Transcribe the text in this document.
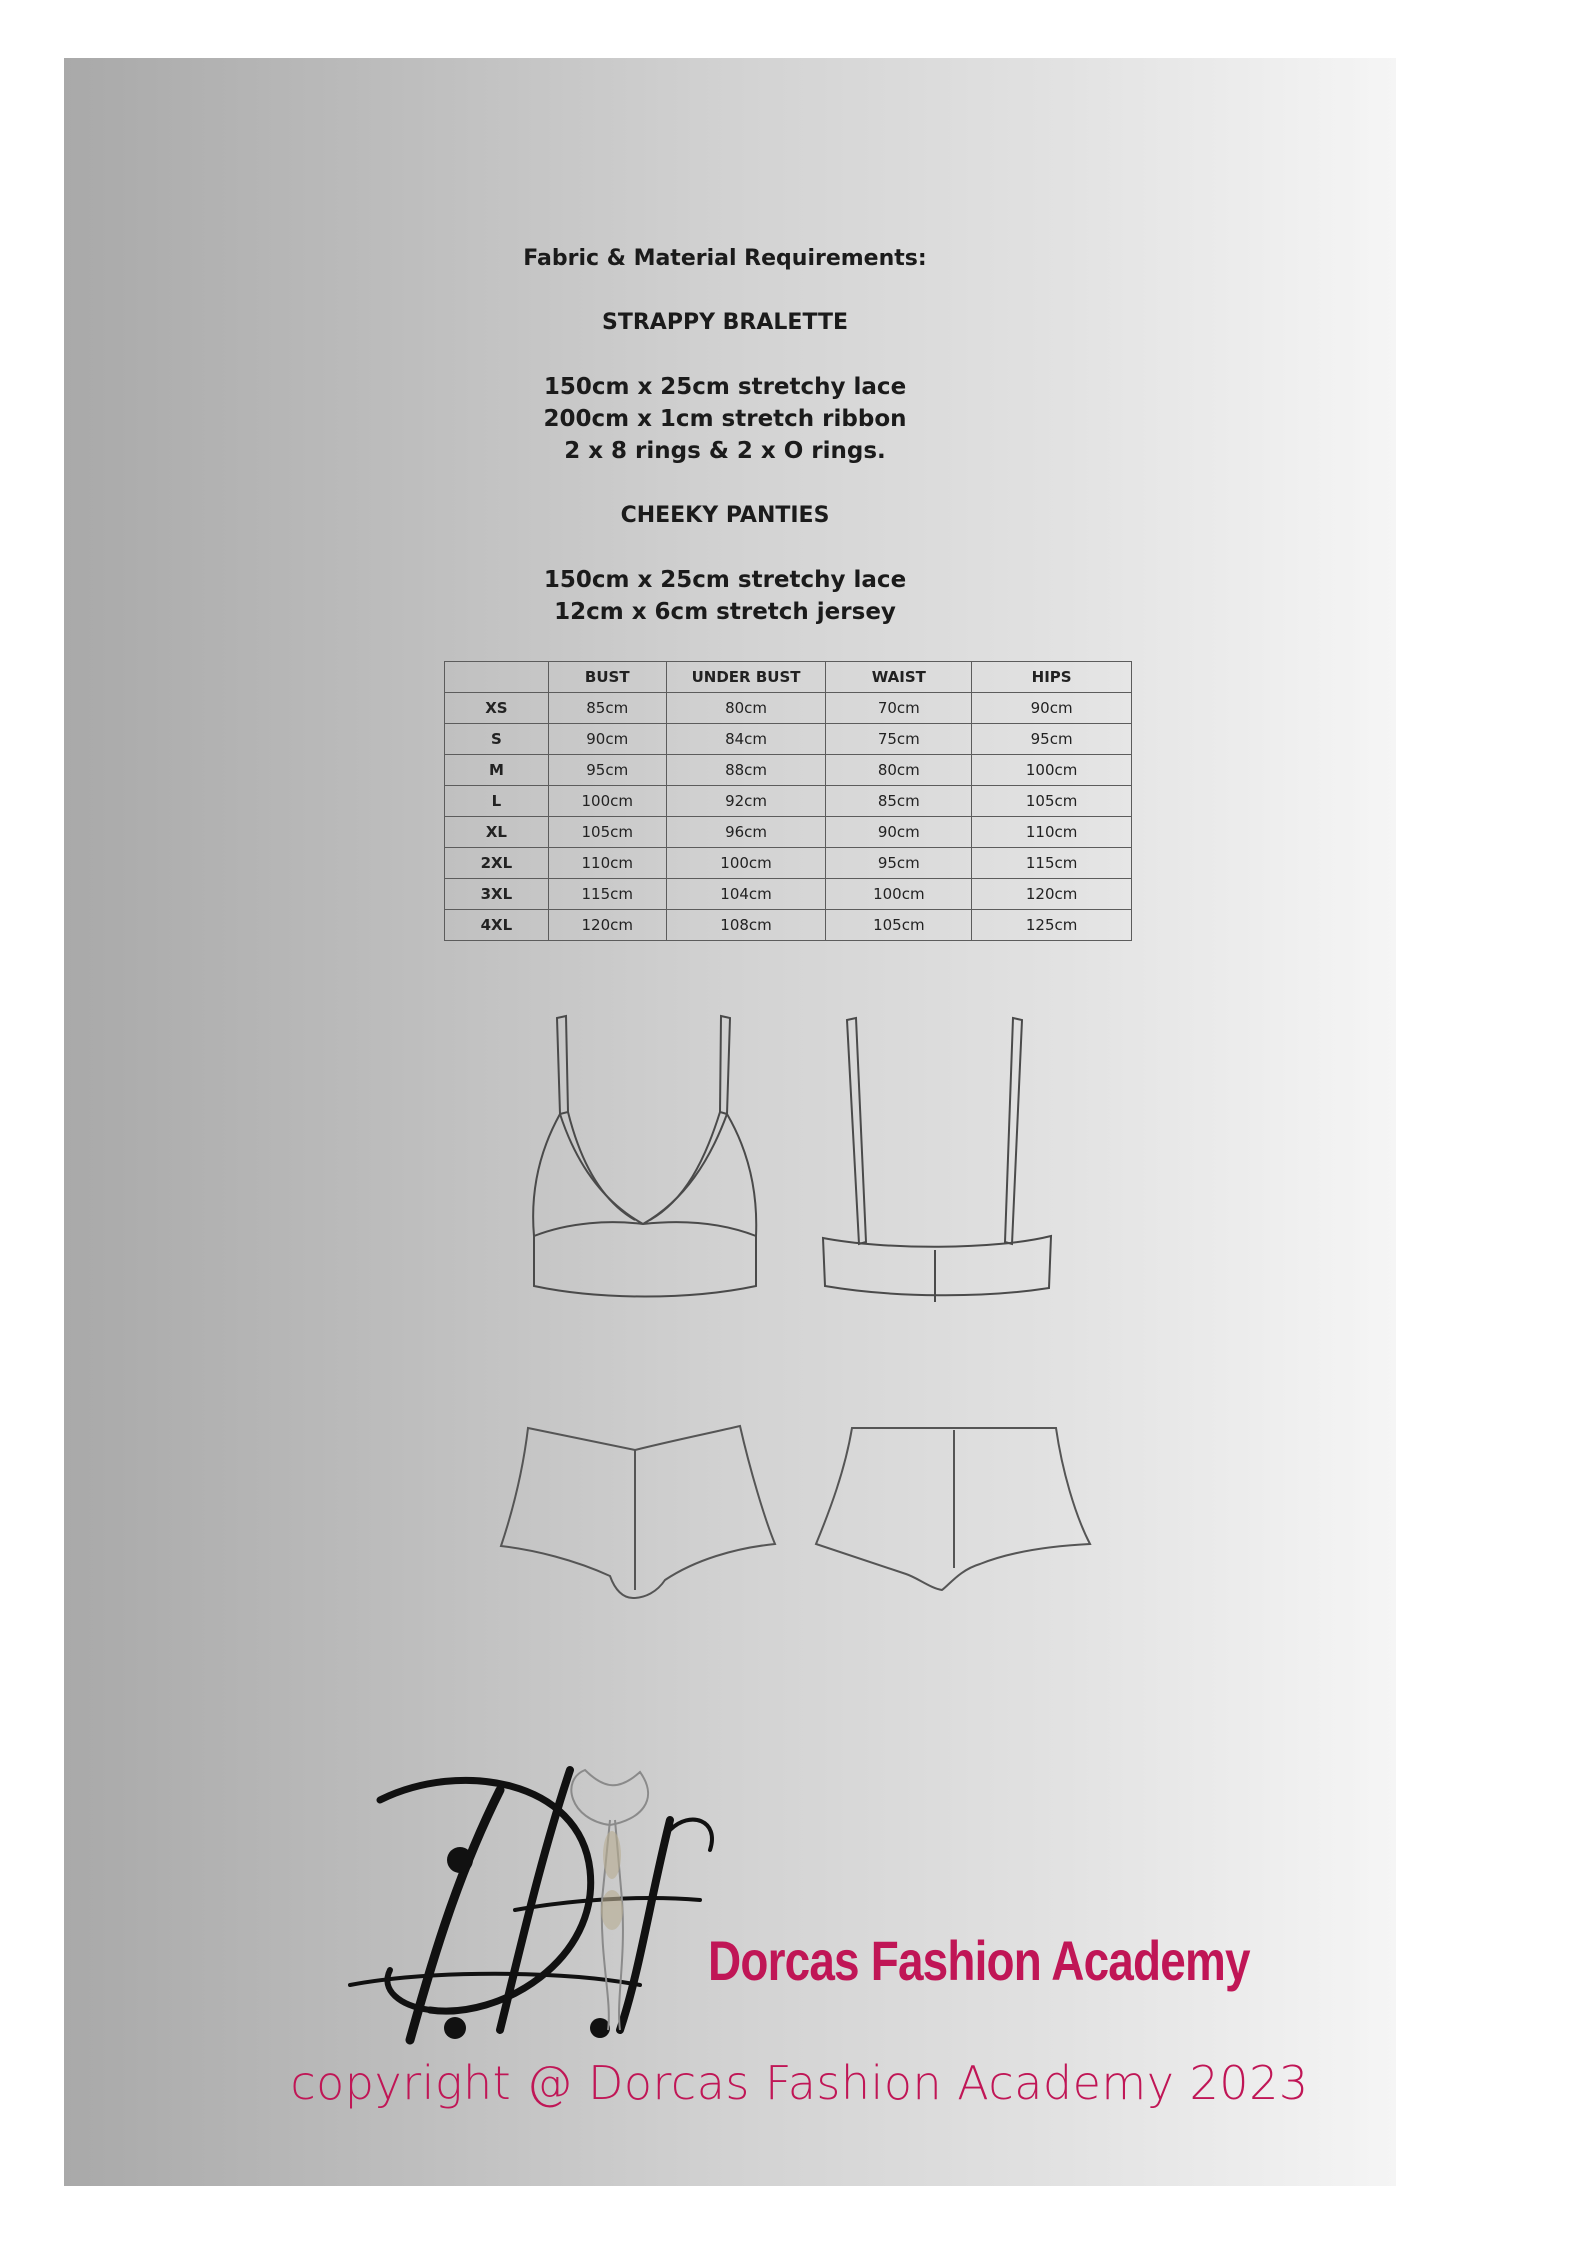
Fabric & Material Requirements:
STRAPPY BRALETTE
150cm x 25cm stretchy lace
200cm x 1cm stretch ribbon
2 x 8 rings & 2 x O rings.
CHEEKY PANTIES
150cm x 25cm stretchy lace
12cm x 6cm stretch jersey
	BUST	UNDER BUST	WAIST	HIPS
XS	85cm	80cm	70cm	90cm
S	90cm	84cm	75cm	95cm
M	95cm	88cm	80cm	100cm
L	100cm	92cm	85cm	105cm
XL	105cm	96cm	90cm	110cm
2XL	110cm	100cm	95cm	115cm
3XL	115cm	104cm	100cm	120cm
4XL	120cm	108cm	105cm	125cm
Dorcas Fashion Academy
copyright @ Dorcas Fashion Academy 2023
